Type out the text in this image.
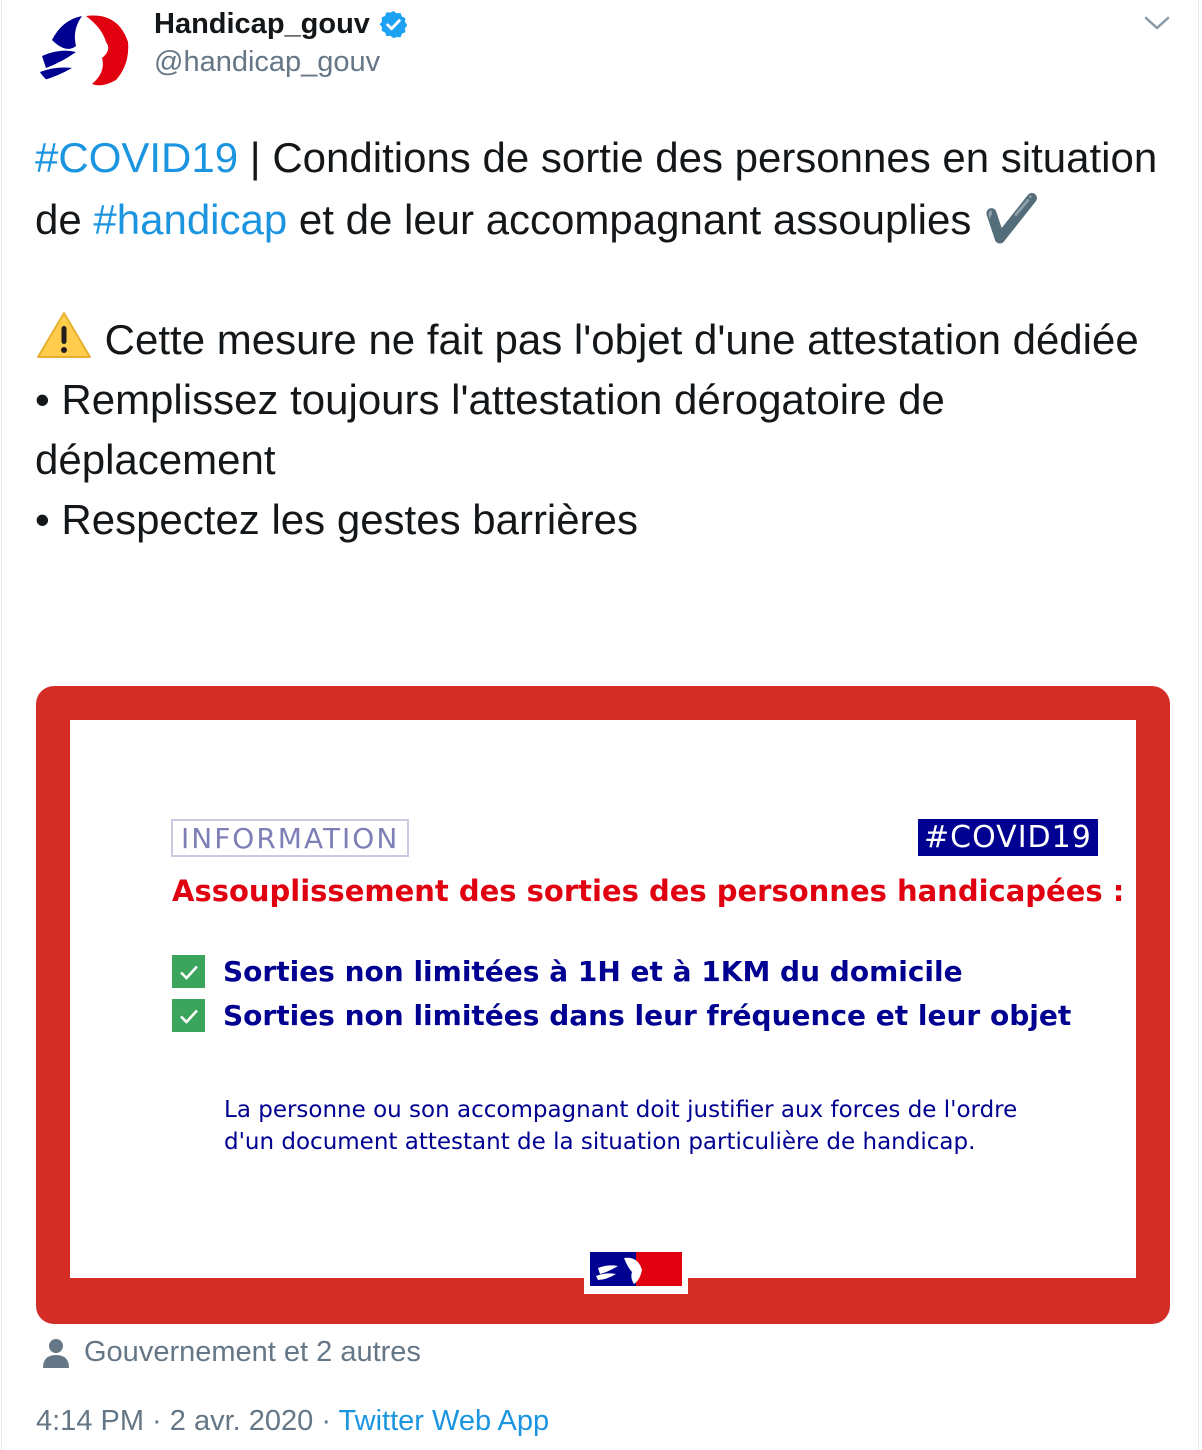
Handicap_gouv
@handicap_gouv

#COVID19 | Conditions de sortie des personnes en situation de #handicap et de leur accompagnant assouplies ✔️

Cette mesure ne fait pas l'objet d'une attestation dédiée

• Remplissez toujours l'attestation dérogatoire de déplacement

• Respectez les gestes barrières

INFORMATION	#COVID19
Assouplissement des sorties des personnes handicapées :
Sorties non limitées à 1H et à 1KM du domicile
Sorties non limitées dans leur fréquence et leur objet

La personne ou son accompagnant doit justifier aux forces de l'ordre

d'un document attestant de la situation particulière de handicap.

Gouvernement et 2 autres
4:14 PM · 2 avr. 2020 · Twitter Web App
